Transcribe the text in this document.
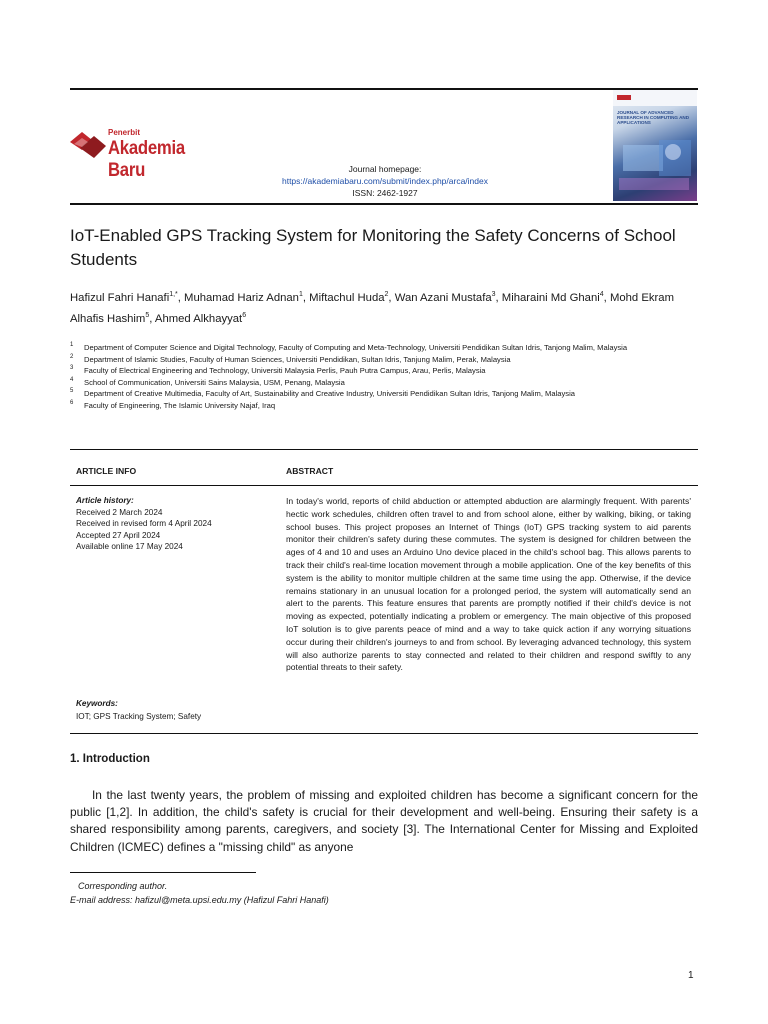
Penerbit
Akademia Baru	Journal homepage:
https://akademiabaru.com/submit/index.php/arca/index
ISSN: 2462-1927
JOURNAL OF ADVANCED RESEARCH IN COMPUTING AND APPLICATIONS
IoT-Enabled GPS Tracking System for Monitoring the Safety Concerns of School Students
Hafizul Fahri Hanafi$^{1,*}$, Muhamad Hariz Adnan$^1$, Miftachul Huda$^2$, Wan Azani Mustafa$^3$, Miharaini Md Ghani$^4$, Mohd Ekram Alhafis Hashim$^5$, Ahmed Alkhayyat$^6$
1 Department of Computer Science and Digital Technology, Faculty of Computing and Meta-Technology, Universiti Pendidikan Sultan Idris, Tanjong Malim, Malaysia
2 Department of Islamic Studies, Faculty of Human Sciences, Universiti Pendidikan, Sultan Idris, Tanjung Malim, Perak, Malaysia
3 Faculty of Electrical Engineering and Technology, Universiti Malaysia Perlis, Pauh Putra Campus, Arau, Perlis, Malaysia
4 School of Communication, Universiti Sains Malaysia, USM, Penang, Malaysia
5 Department of Creative Multimedia, Faculty of Art, Sustainability and Creative Industry, Universiti Pendidikan Sultan Idris, Tanjong Malim, Malaysia
6 Faculty of Engineering, The Islamic University Najaf, Iraq
ARTICLE INFO	ABSTRACT
Article history:
Received 2 March 2024
Received in revised form 4 April 2024
Accepted 27 April 2024
Available online 17 May 2024
Keywords:
IOT; GPS Tracking System; Safety
In today's world, reports of child abduction or attempted abduction are alarmingly frequent. With parents' hectic work schedules, children often travel to and from school alone, either by walking, biking, or taking school buses. This project proposes an Internet of Things (IoT) GPS tracking system to aid parents monitor their children's safety during these commutes. The system is designed for children between the ages of 4 and 10 and uses an Arduino Uno device placed in the child's school bag. This allows parents to track their child's real-time location movement through a mobile application. One of the key benefits of this system is the ability to monitor multiple children at the same time using the app. Otherwise, if the device remains stationary in an unusual location for a prolonged period, the system will automatically send an alert to the parents. This feature ensures that parents are promptly notified if their child's device is not moving as expected, potentially indicating a problem or emergency. The main objective of this proposed IoT solution is to give parents peace of mind and a way to take quick action if any worrying situations occur during their children's journeys to and from school. By leveraging advanced technology, this system will also authorize parents to stay connected and related to their children and respond swiftly to any potential threats to their safety.
1. Introduction
In the last twenty years, the problem of missing and exploited children has become a significant concern for the public [1,2]. In addition, the child's safety is crucial for their development and well-being. Ensuring their safety is a shared responsibility among parents, caregivers, and society [3]. The International Center for Missing and Exploited Children (ICMEC) defines a "missing child" as anyone
Corresponding author.
E-mail address: hafizul@meta.upsi.edu.my (Hafizul Fahri Hanafi)
1
